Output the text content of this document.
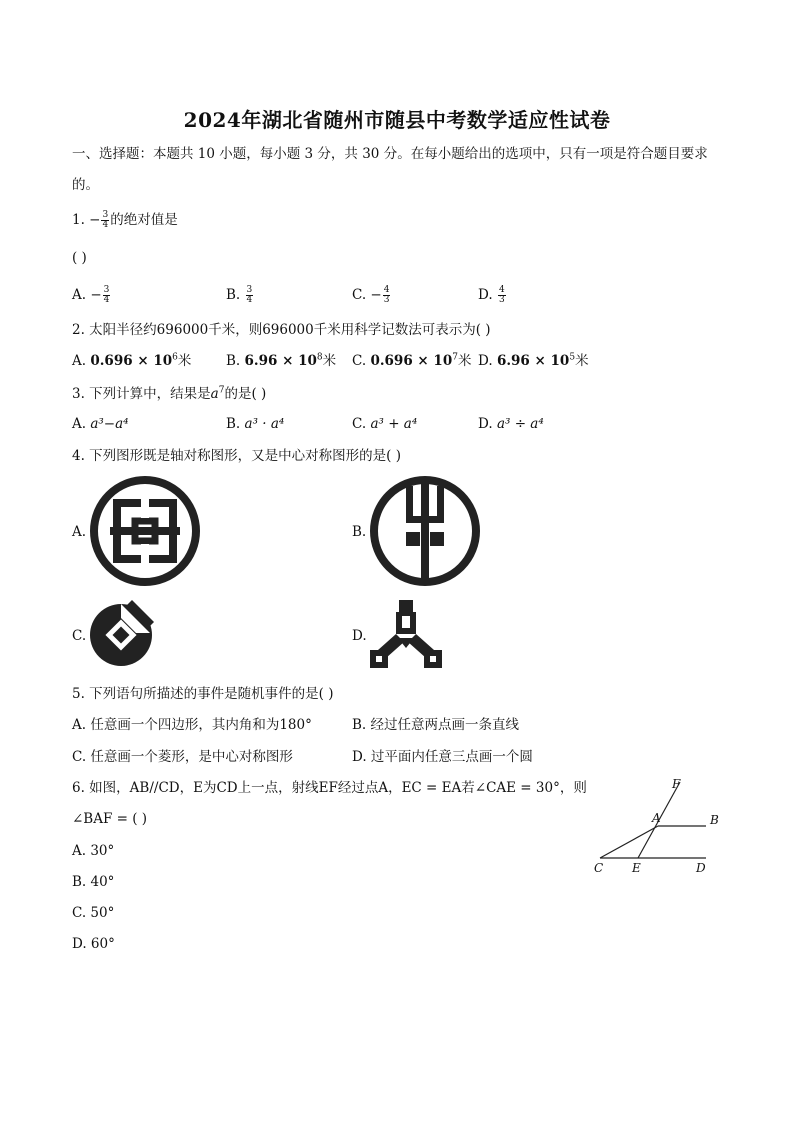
2024年湖北省随州市随县中考数学适应性试卷
一、选择题：本题共 10 小题，每小题 3 分，共 30 分。在每小题给出的选项中，只有一项是符合题目要求
的。
1. − $\frac{3}{4}$ 的绝对值是
( )
A. − $\frac{3}{4}$	B. $\frac{3}{4}$	C. − $\frac{4}{3}$	D. $\frac{4}{3}$
2. 太阳半径约696000千米，则696000千米用科学记数法可表示为( )
A. $0.696 \times 10^6$米	B. $6.96 \times 10^8$米 C. $0.696 \times 10^7$米 D. $6.96 \times 10^5$米
3. 下列计算中，结果是$a^7$的是( )
A. a³−a⁴	B. a³ · a⁴	C. a³ + a⁴	D. a³ ÷ a⁴
4. 下列图形既是轴对称图形，又是中心对称图形的是( )
A.	B.
C.	D.
5. 下列语句所描述的事件是随机事件的是( )
A. 任意画一个四边形，其内角和为180°	B. 经过任意两点画一条直线
C. 任意画一个菱形，是中心对称图形	D. 过平面内任意三点画一个圆
6. 如图，AB//CD，E为CD上一点，射线EF经过点A，EC = EA若∠CAE = 30°，则
∠BAF = ( )
A. 30°
B. 40°
C. 50°
D. 60°
F
A	B
C E	D
